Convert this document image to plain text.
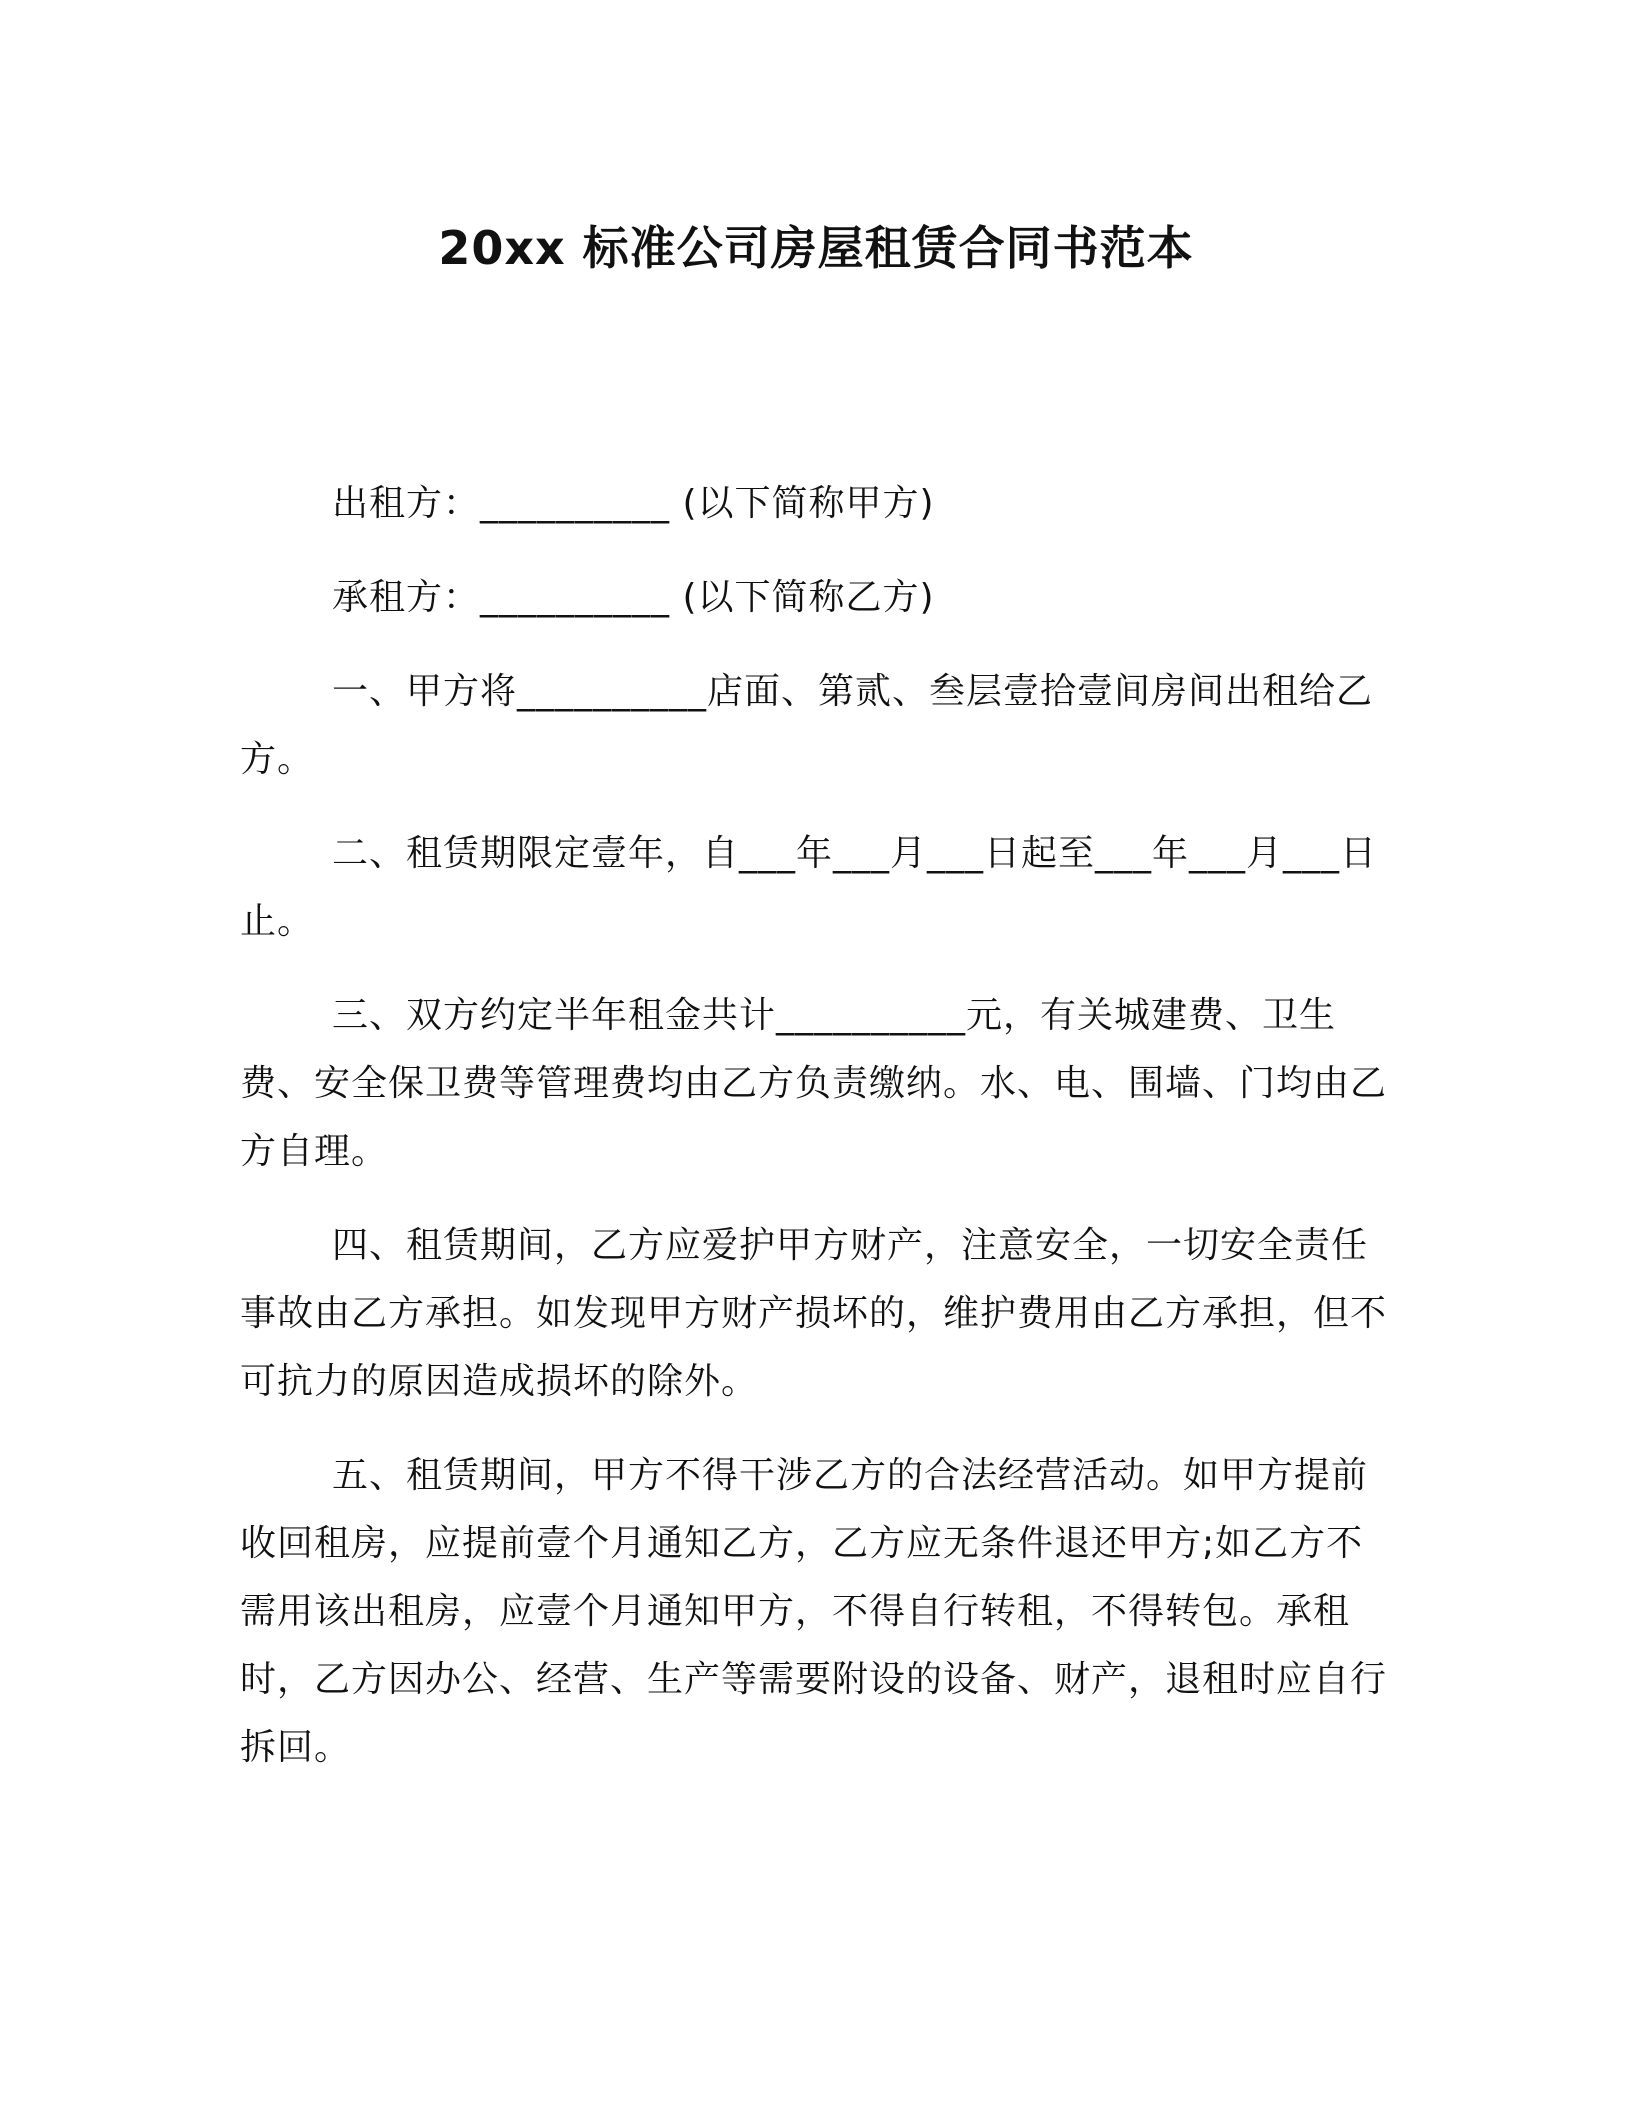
20xx 标准公司房屋租赁合同书范本

出租方：__________ (以下简称甲方)

承租方：__________ (以下简称乙方)

一、甲方将__________店面、第贰、叁层壹拾壹间房间出租给乙方。

二、租赁期限定壹年，自___年___月___日起至___年___月___日止。

三、双方约定半年租金共计__________元，有关城建费、卫生费、安全保卫费等管理费均由乙方负责缴纳。水、电、围墙、门均由乙方自理。

四、租赁期间，乙方应爱护甲方财产，注意安全，一切安全责任事故由乙方承担。如发现甲方财产损坏的，维护费用由乙方承担，但不可抗力的原因造成损坏的除外。

五、租赁期间，甲方不得干涉乙方的合法经营活动。如甲方提前收回租房，应提前壹个月通知乙方，乙方应无条件退还甲方;如乙方不需用该出租房，应壹个月通知甲方，不得自行转租，不得转包。承租时，乙方因办公、经营、生产等需要附设的设备、财产，退租时应自行拆回。
